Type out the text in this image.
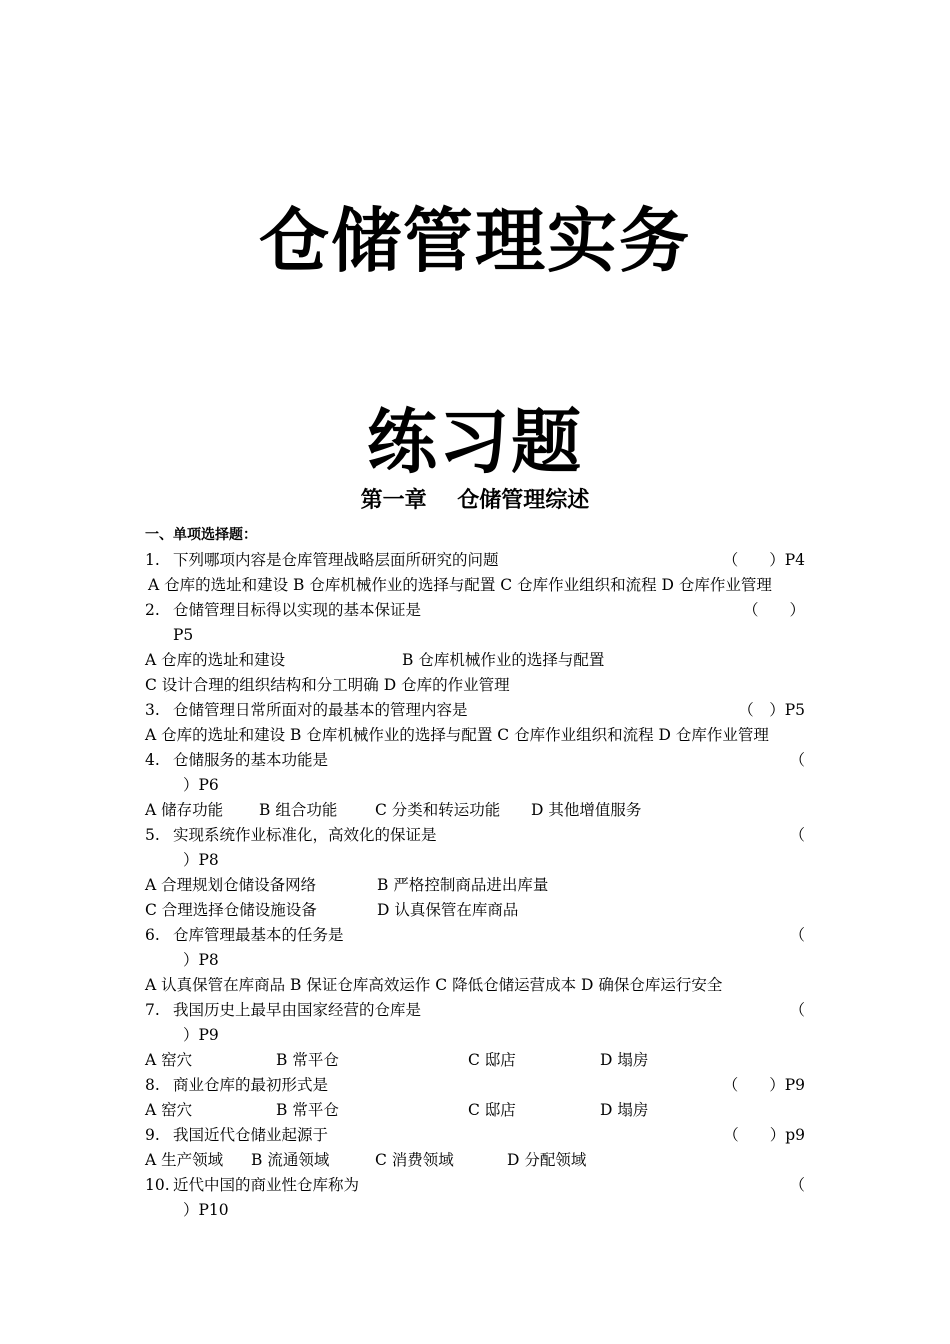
仓储管理实务
练习题
第一章    仓储管理综述
一、单项选择题：
1. 下列哪项内容是仓库管理战略层面所研究的问题	（　　）P4
A 仓库的选址和建设 B 仓库机械作业的选择与配置 C 仓库作业组织和流程 D 仓库作业管理
2. 仓储管理目标得以实现的基本保证是	（　　）
P5
A 仓库的选址和建设	B 仓库机械作业的选择与配置
C 设计合理的组织结构和分工明确 D 仓库的作业管理
3. 仓储管理日常所面对的最基本的管理内容是	（　）P5
A 仓库的选址和建设 B 仓库机械作业的选择与配置 C 仓库作业组织和流程 D 仓库作业管理
4. 仓储服务的基本功能是	（
）P6
A 储存功能 B 组合功能 C 分类和转运功能 D 其他增值服务
5. 实现系统作业标准化，高效化的保证是	（
）P8
A 合理规划仓储设备网络	B 严格控制商品进出库量
C 合理选择仓储设施设备	D 认真保管在库商品
6. 仓库管理最基本的任务是	（
）P8
A 认真保管在库商品 B 保证仓库高效运作 C 降低仓储运营成本 D 确保仓库运行安全
7. 我国历史上最早由国家经营的仓库是	（
）P9
A 窑穴	B 常平仓	C 邸店	D 塌房
8. 商业仓库的最初形式是	（　　）P9
A 窑穴	B 常平仓	C 邸店	D 塌房
9. 我国近代仓储业起源于	（　　）p9
A 生产领域 B 流通领域	C 消费领域	D 分配领域
10. 近代中国的商业性仓库称为	（
）P10
